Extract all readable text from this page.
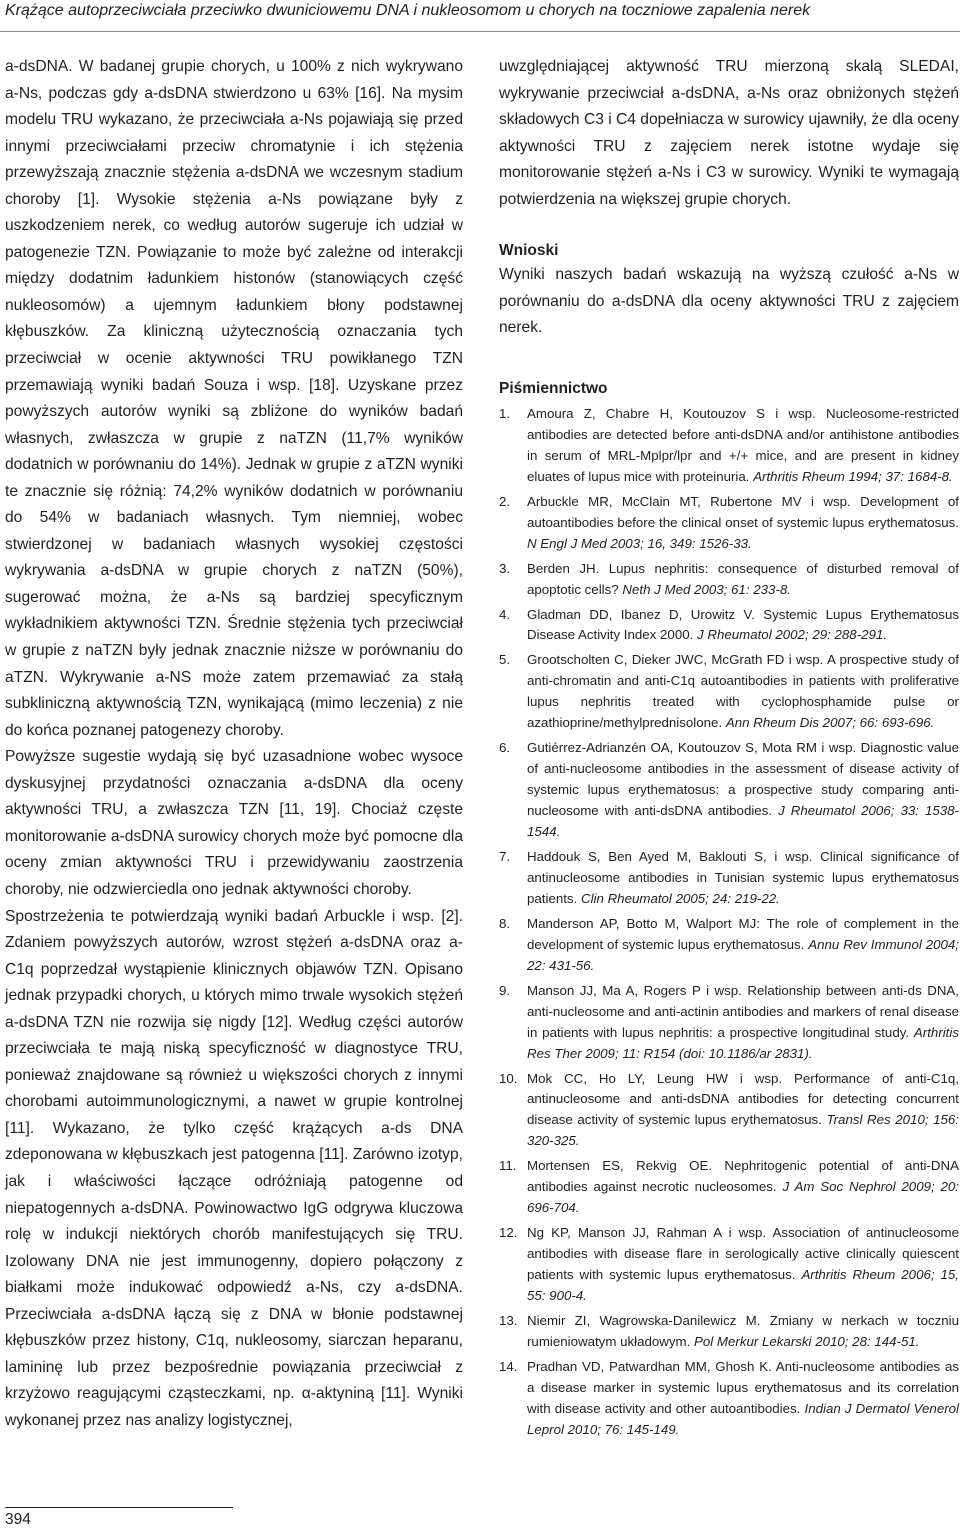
Krążące autoprzeciwciała przeciwko dwuniciowemu DNA i nukleosomom u chorych na toczniowe zapalenia nerek

a-dsDNA. W badanej grupie chorych, u 100% z nich wykrywano a-Ns, podczas gdy a-dsDNA stwierdzono u 63% [16]. Na mysim modelu TRU wykazano, że przeciwciała a-Ns pojawiają się przed innymi przeciwciałami przeciw chromatynie i ich stężenia przewyższają znacznie stężenia a-dsDNA we wczesnym stadium choroby [1]. Wysokie stężenia a-Ns powiązane były z uszkodzeniem nerek, co według autorów sugeruje ich udział w patogenezie TZN. Powiązanie to może być zależne od interakcji między dodatnim ładunkiem histonów (stanowiących część nukleosomów) a ujemnym ładunkiem błony podstawnej kłębuszków. Za kliniczną użytecznością oznaczania tych przeciwciał w ocenie aktywności TRU powikłanego TZN przemawiają wyniki badań Souza i wsp. [18]. Uzyskane przez powyższych autorów wyniki są zbliżone do wyników badań własnych, zwłaszcza w grupie z naTZN (11,7% wyników dodatnich w porównaniu do 14%). Jednak w grupie z aTZN wyniki te znacznie się różnią: 74,2% wyników dodatnich w porównaniu do 54% w badaniach własnych. Tym niemniej, wobec stwierdzonej w badaniach własnych wysokiej częstości wykrywania a-dsDNA w grupie chorych z naTZN (50%), sugerować można, że a-Ns są bardziej specyficznym wykładnikiem aktywności TZN. Średnie stężenia tych przeciwciał w grupie z naTZN były jednak znacznie niższe w porównaniu do aTZN. Wykrywanie a-NS może zatem przemawiać za stałą subkliniczną aktywnością TZN, wynikającą (mimo leczenia) z nie do końca poznanej patogenezy choroby.

Powyższe sugestie wydają się być uzasadnione wobec wysoce dyskusyjnej przydatności oznaczania a-dsDNA dla oceny aktywności TRU, a zwłaszcza TZN [11, 19]. Chociaż częste monitorowanie a-dsDNA surowicy chorych może być pomocne dla oceny zmian aktywności TRU i przewidywaniu zaostrzenia choroby, nie odzwierciedla ono jednak aktywności choroby.

Spostrzeżenia te potwierdzają wyniki badań Arbuckle i wsp. [2]. Zdaniem powyższych autorów, wzrost stężeń a-dsDNA oraz a-C1q poprzedzał wystąpienie klinicznych objawów TZN. Opisano jednak przypadki chorych, u których mimo trwale wysokich stężeń a-dsDNA TZN nie rozwija się nigdy [12]. Według części autorów przeciwciała te mają niską specyficzność w diagnostyce TRU, ponieważ znajdowane są również u większości chorych z innymi chorobami autoimmunologicznymi, a nawet w grupie kontrolnej [11]. Wykazano, że tylko część krążących a-ds DNA zdeponowana w kłębuszkach jest patogenna [11]. Zarówno izotyp, jak i właściwości łączące odróżniają patogenne od niepatogennych a-dsDNA. Powinowactwo IgG odgrywa kluczowa rolę w indukcji niektórych chorób manifestujących się TRU. Izolowany DNA nie jest immunogenny, dopiero połączony z białkami może indukować odpowiedź a-Ns, czy a-dsDNA. Przeciwciała a-dsDNA łączą się z DNA w błonie podstawnej kłębuszków przez histony, C1q, nukleosomy, siarczan heparanu, lamininę lub przez bezpośrednie powiązania przeciwciał z krzyżowo reagującymi cząsteczkami, np. α-aktyniną [11]. Wyniki wykonanej przez nas analizy logistycznej,

uwzględniającej aktywność TRU mierzoną skalą SLEDAI, wykrywanie przeciwciał a-dsDNA, a-Ns oraz obniżonych stężeń składowych C3 i C4 dopełniacza w surowicy ujawniły, że dla oceny aktywności TRU z zajęciem nerek istotne wydaje się monitorowanie stężeń a-Ns i C3 w surowicy. Wyniki te wymagają potwierdzenia na większej grupie chorych.

Wnioski

Wyniki naszych badań wskazują na wyższą czułość a-Ns w porównaniu do a-dsDNA dla oceny aktywności TRU z zajęciem nerek.

Piśmiennictwo
1. Amoura Z, Chabre H, Koutouzov S i wsp. Nucleosome-restricted antibodies are detected before anti-dsDNA and/or antihistone antibodies in serum of MRL-Mplpr/lpr and +/+ mice, and are present in kidney eluates of lupus mice with proteinuria. Arthritis Rheum 1994; 37: 1684-8.
2. Arbuckle MR, McClain MT, Rubertone MV i wsp. Development of autoantibodies before the clinical onset of systemic lupus erythematosus. N Engl J Med 2003; 16, 349: 1526-33.
3. Berden JH. Lupus nephritis: consequence of disturbed removal of apoptotic cells? Neth J Med 2003; 61: 233-8.
4. Gladman DD, Ibanez D, Urowitz V. Systemic Lupus Erythematosus Disease Activity Index 2000. J Rheumatol 2002; 29: 288-291.
5. Grootscholten C, Dieker JWC, McGrath FD i wsp. A prospective study of anti-chromatin and anti-C1q autoantibodies in patients with proliferative lupus nephritis treated with cyclophosphamide pulse or azathioprine/methylprednisolone. Ann Rheum Dis 2007; 66: 693-696.
6. Gutiérrez-Adrianzén OA, Koutouzov S, Mota RM i wsp. Diagnostic value of anti-nucleosome antibodies in the assessment of disease activity of systemic lupus erythematosus: a prospective study comparing anti-nucleosome with anti-dsDNA antibodies. J Rheumatol 2006; 33: 1538-1544.
7. Haddouk S, Ben Ayed M, Baklouti S, i wsp. Clinical significance of antinucleosome antibodies in Tunisian systemic lupus erythematosus patients. Clin Rheumatol 2005; 24: 219-22.
8. Manderson AP, Botto M, Walport MJ: The role of complement in the development of systemic lupus erythematosus. Annu Rev Immunol 2004; 22: 431-56.
9. Manson JJ, Ma A, Rogers P i wsp. Relationship between anti-ds DNA, anti-nucleosome and anti-actinin antibodies and markers of renal disease in patients with lupus nephritis: a prospective longitudinal study. Arthritis Res Ther 2009; 11: R154 (doi: 10.1186/ar 2831).
10. Mok CC, Ho LY, Leung HW i wsp. Performance of anti-C1q, antinucleosome and anti-dsDNA antibodies for detecting concurrent disease activity of systemic lupus erythematosus. Transl Res 2010; 156: 320-325.
11. Mortensen ES, Rekvig OE. Nephritogenic potential of anti-DNA antibodies against necrotic nucleosomes. J Am Soc Nephrol 2009; 20: 696-704.
12. Ng KP, Manson JJ, Rahman A i wsp. Association of antinucleosome antibodies with disease flare in serologically active clinically quiescent patients with systemic lupus erythematosus. Arthritis Rheum 2006; 15, 55: 900-4.
13. Niemir ZI, Wagrowska-Danilewicz M. Zmiany w nerkach w toczniu rumieniowatym układowym. Pol Merkur Lekarski 2010; 28: 144-51.
14. Pradhan VD, Patwardhan MM, Ghosh K. Anti-nucleosome antibodies as a disease marker in systemic lupus erythematosus and its correlation with disease activity and other autoantibodies. Indian J Dermatol Venerol Leprol 2010; 76: 145-149.
394
